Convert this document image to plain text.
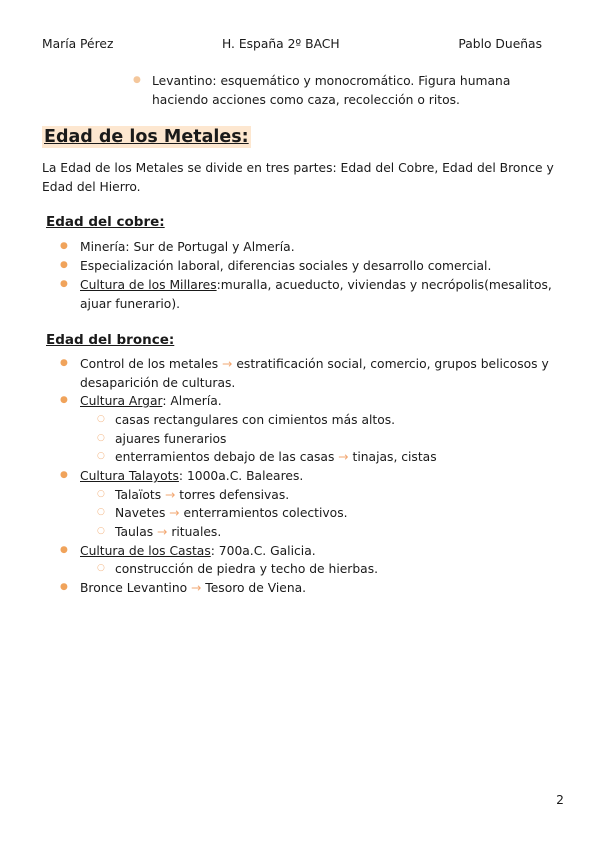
María Pérez	H. España 2º BACH	Pablo Dueñas
● Levantino: esquemático y monocromático. Figura humana
haciendo acciones como caza, recolección o ritos.
Edad de los Metales:
La Edad de los Metales se divide en tres partes: Edad del Cobre, Edad del Bronce y
Edad del Hierro.
Edad del cobre:
● Minería: Sur de Portugal y Almería.
● Especialización laboral, diferencias sociales y desarrollo comercial.
● Cultura de los Millares:muralla, acueducto, viviendas y necrópolis(mesalitos,
ajuar funerario).
Edad del bronce:
● Control de los metales → estratificación social, comercio, grupos belicosos y
desaparición de culturas.
● Cultura Argar: Almería.
○ casas rectangulares con cimientos más altos.
○ ajuares funerarios
○ enterramientos debajo de las casas → tinajas, cistas
● Cultura Talayots: 1000a.C. Baleares.
○ Talaïots → torres defensivas.
○ Navetes → enterramientos colectivos.
○ Taulas → rituales.
● Cultura de los Castas: 700a.C. Galicia.
○ construcción de piedra y techo de hierbas.
● Bronce Levantino → Tesoro de Viena.
2
